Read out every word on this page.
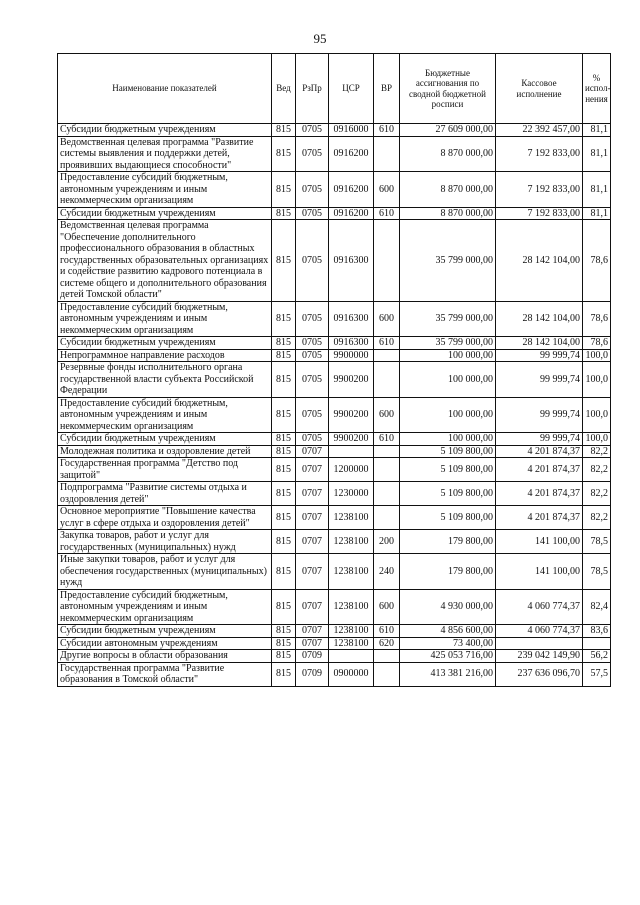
95
Наименование показателей	Вед	РзПр	ЦСР	ВР	Бюджетные ассигнования по сводной бюджетной росписи	Кассовое исполнение	% испол-нения
Субсидии бюджетным учреждениям	815	0705	0916000	610	27 609 000,00	22 392 457,00	81,1
Ведомственная целевая программа "Развитие системы выявления и поддержки детей, проявивших выдающиеся способности"	815	0705	0916200		8 870 000,00	7 192 833,00	81,1
Предоставление субсидий бюджетным, автономным учреждениям и иным некоммерческим организациям	815	0705	0916200	600	8 870 000,00	7 192 833,00	81,1
Субсидии бюджетным учреждениям	815	0705	0916200	610	8 870 000,00	7 192 833,00	81,1
Ведомственная целевая программа "Обеспечение дополнительного профессионального образования в областных государственных образовательных организациях и содействие развитию кадрового потенциала в системе общего и дополнительного образования детей Томской области"	815	0705	0916300		35 799 000,00	28 142 104,00	78,6
Предоставление субсидий бюджетным, автономным учреждениям и иным некоммерческим организациям	815	0705	0916300	600	35 799 000,00	28 142 104,00	78,6
Субсидии бюджетным учреждениям	815	0705	0916300	610	35 799 000,00	28 142 104,00	78,6
Непрограммное направление расходов	815	0705	9900000		100 000,00	99 999,74	100,0
Резервные фонды исполнительного органа государственной власти субъекта Российской Федерации	815	0705	9900200		100 000,00	99 999,74	100,0
Предоставление субсидий бюджетным, автономным учреждениям и иным некоммерческим организациям	815	0705	9900200	600	100 000,00	99 999,74	100,0
Субсидии бюджетным учреждениям	815	0705	9900200	610	100 000,00	99 999,74	100,0
Молодежная политика и оздоровление детей	815	0707			5 109 800,00	4 201 874,37	82,2
Государственная программа "Детство под защитой"	815	0707	1200000		5 109 800,00	4 201 874,37	82,2
Подпрограмма "Развитие системы отдыха и оздоровления детей"	815	0707	1230000		5 109 800,00	4 201 874,37	82,2
Основное мероприятие "Повышение качества услуг в сфере отдыха и оздоровления детей"	815	0707	1238100		5 109 800,00	4 201 874,37	82,2
Закупка товаров, работ и услуг для государственных (муниципальных) нужд	815	0707	1238100	200	179 800,00	141 100,00	78,5
Иные закупки товаров, работ и услуг для обеспечения государственных (муниципальных) нужд	815	0707	1238100	240	179 800,00	141 100,00	78,5
Предоставление субсидий бюджетным, автономным учреждениям и иным некоммерческим организациям	815	0707	1238100	600	4 930 000,00	4 060 774,37	82,4
Субсидии бюджетным учреждениям	815	0707	1238100	610	4 856 600,00	4 060 774,37	83,6
Субсидии автономным учреждениям	815	0707	1238100	620	73 400,00		
Другие вопросы в области образования	815	0709			425 053 716,00	239 042 149,90	56,2
Государственная программа "Развитие образования в Томской области"	815	0709	0900000		413 381 216,00	237 636 096,70	57,5
